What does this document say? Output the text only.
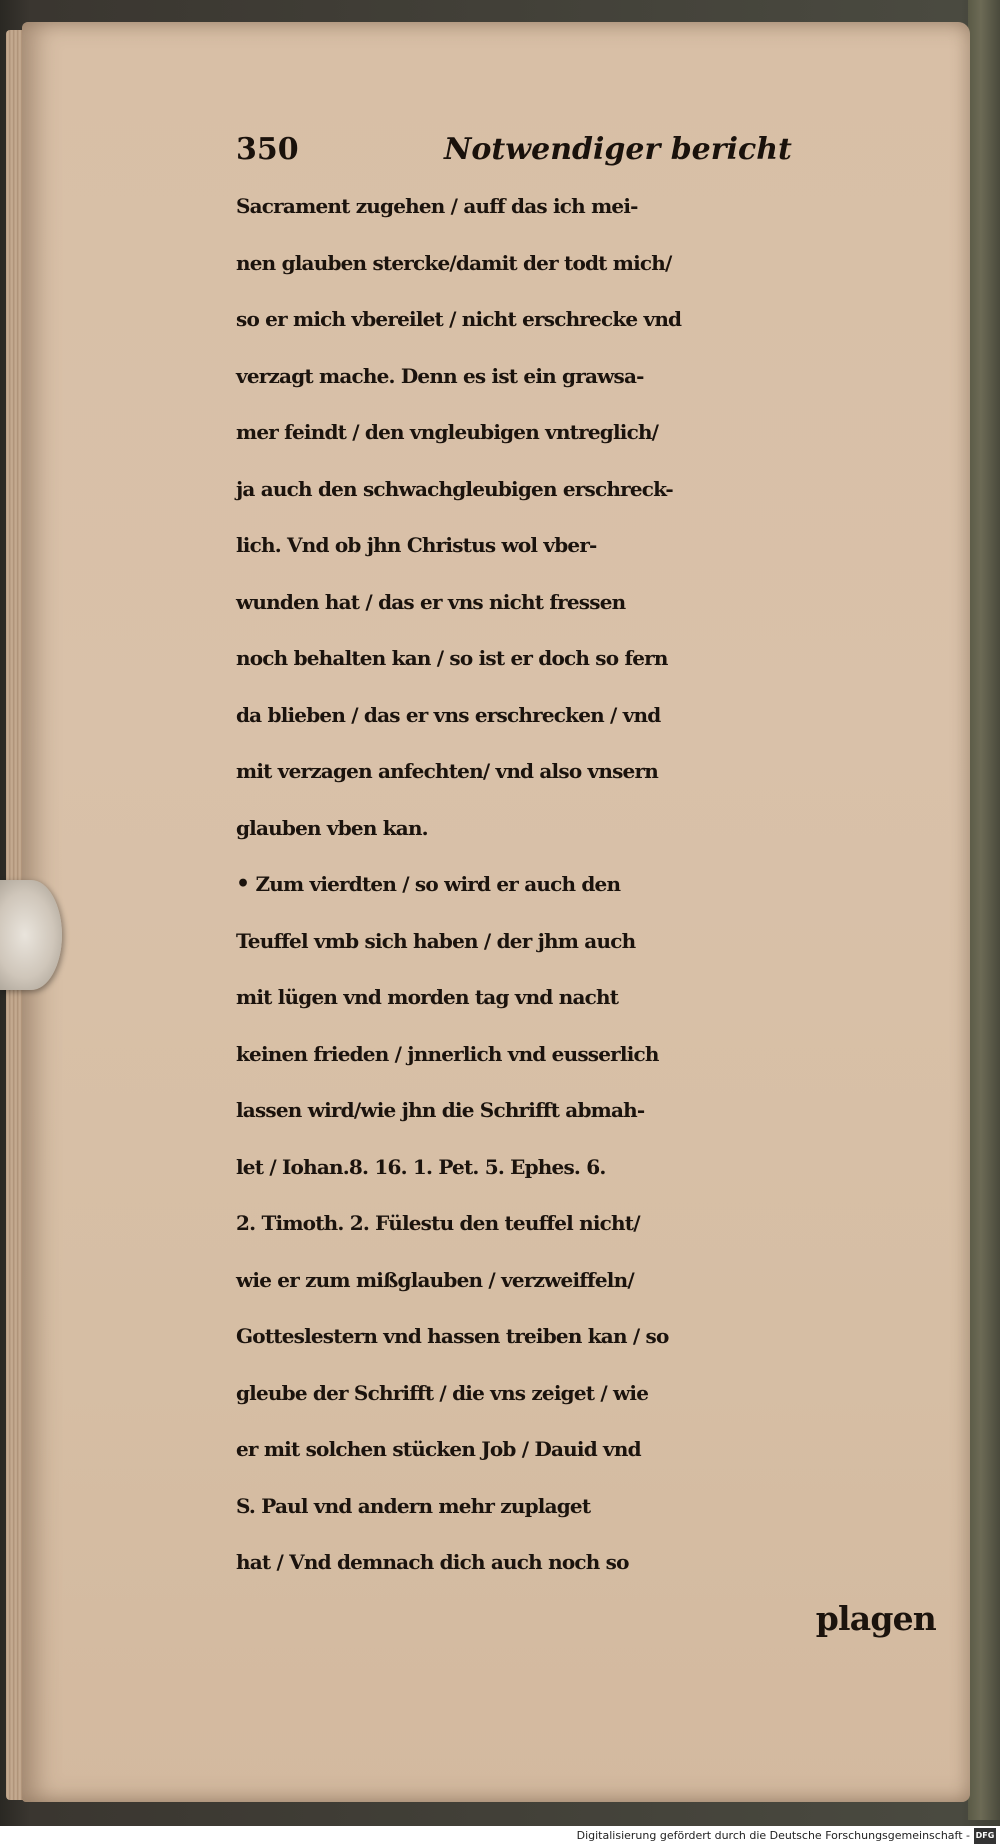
350	Notwendiger bericht
Sacrament zugehen / auff das ich mei-
nen glauben stercke/damit der todt mich/
so er mich vbereilet / nicht erschrecke vnd
verzagt mache. Denn es ist ein grawsa-
mer feindt / den vngleubigen vntreglich/
ja auch den schwachgleubigen erschreck-
lich. Vnd ob jhn Christus wol vber-
wunden hat / das er vns nicht fressen
noch behalten kan / so ist er doch so fern
da blieben / das er vns erschrecken / vnd
mit verzagen anfechten/ vnd also vnsern
glauben vben kan.
• Zum vierdten / so wird er auch den
Teuffel vmb sich haben / der jhm auch
mit lügen vnd morden tag vnd nacht
keinen frieden / jnnerlich vnd eusserlich
lassen wird/wie jhn die Schrifft abmah-
let / Iohan.8. 16. 1. Pet. 5. Ephes. 6.
2. Timoth. 2. Fülestu den teuffel nicht/
wie er zum mißglauben / verzweiffeln/
Gotteslestern vnd hassen treiben kan / so
gleube der Schrifft / die vns zeiget / wie
er mit solchen stücken Job / Dauid vnd
S. Paul vnd andern mehr zuplaget
hat / Vnd demnach dich auch noch so
plagen
Digitalisierung gefördert durch die Deutsche Forschungsgemeinschaft - DFG
